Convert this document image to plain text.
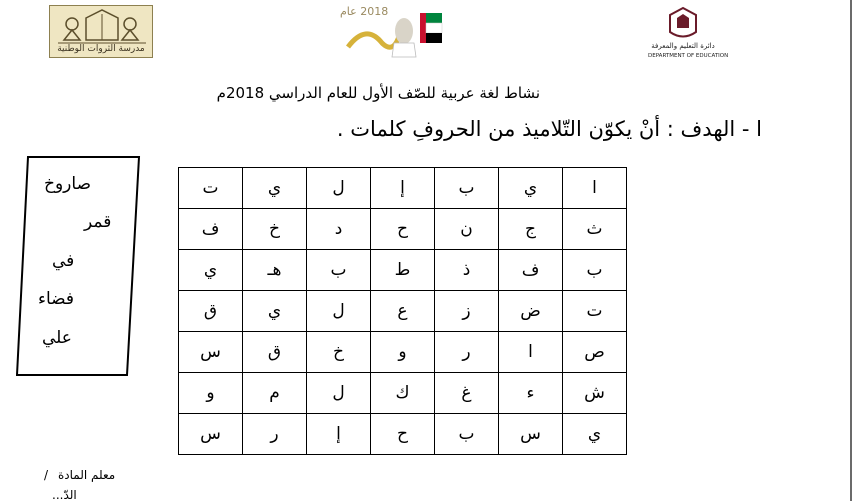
مدرسة الثروات الوطنية
2018 عام
دائرة التعليم والمعرفة
DEPARTMENT OF EDUCATION
نشاط لغة عربية للصّف الأول للعام الدراسي 2018م
ا - الهدف : أنْ يكوّن التّلاميذ من الحروفِ كلمات .
صاروخ
قمر
في
فضاء
علي
ت	ي	ل	إ	ب	ي	ا

ف	خ	د	ح	ن	ج	ث

ي	هـ	ب	ط	ذ	ف	ب

ق	ي	ل	ع	ز	ض	ت

س	ق	خ	و	ر	ا	ص

و	م	ل	ك	غ	ء	ش

س	ر	إ	ح	ب	س	ي
/ معلم المادة
الدّ...
